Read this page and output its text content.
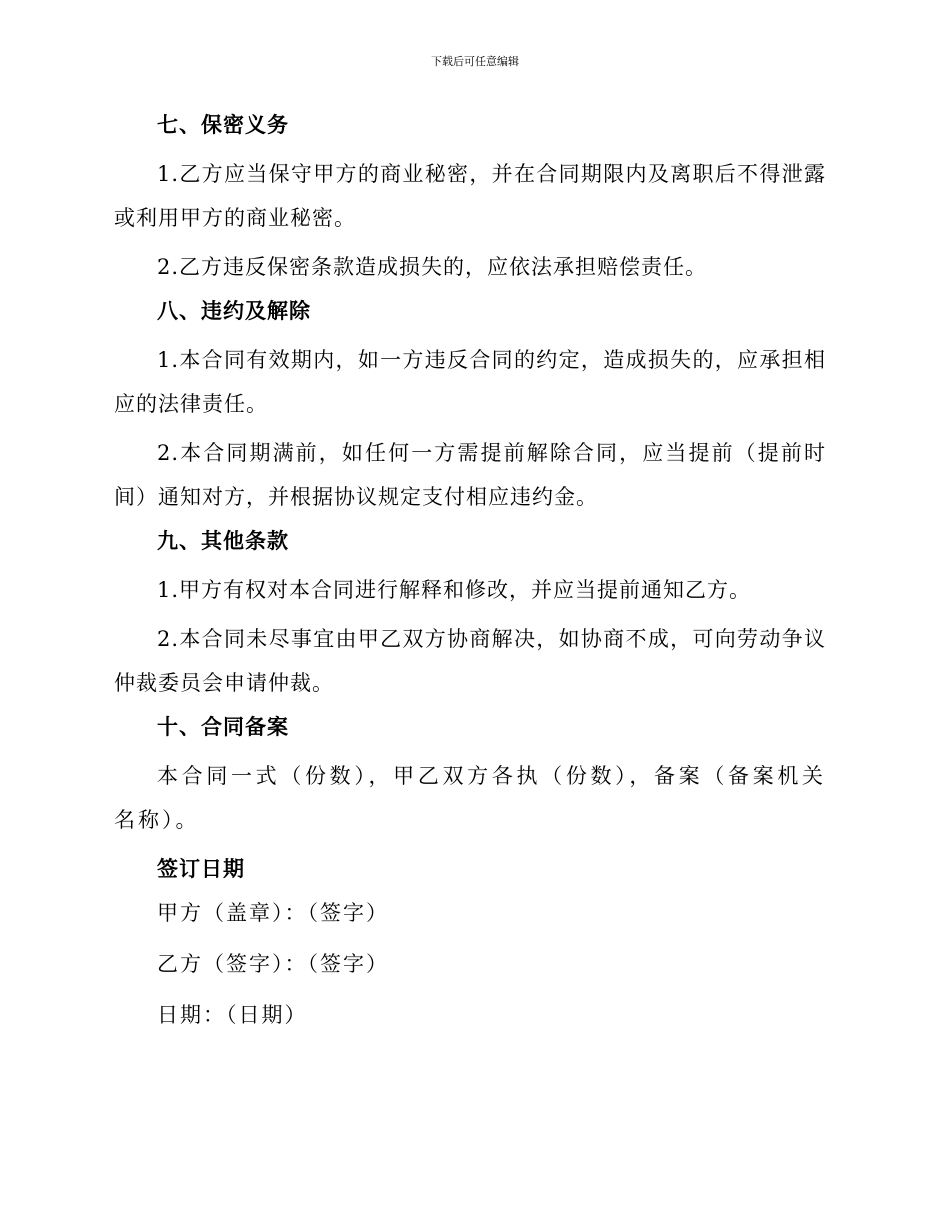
下载后可任意编辑
七、保密义务
1.乙方应当保守甲方的商业秘密，并在合同期限内及离职后不得泄露或利用甲方的商业秘密。
2.乙方违反保密条款造成损失的，应依法承担赔偿责任。
八、违约及解除
1.本合同有效期内，如一方违反合同的约定，造成损失的，应承担相应的法律责任。
2.本合同期满前，如任何一方需提前解除合同，应当提前（提前时间）通知对方，并根据协议规定支付相应违约金。
九、其他条款
1.甲方有权对本合同进行解释和修改，并应当提前通知乙方。
2.本合同未尽事宜由甲乙双方协商解决，如协商不成，可向劳动争议仲裁委员会申请仲裁。
十、合同备案
本合同一式（份数），甲乙双方各执（份数），备案（备案机关名称）。
签订日期
甲方（盖章）：（签字）
乙方（签字）：（签字）
日期：（日期）
